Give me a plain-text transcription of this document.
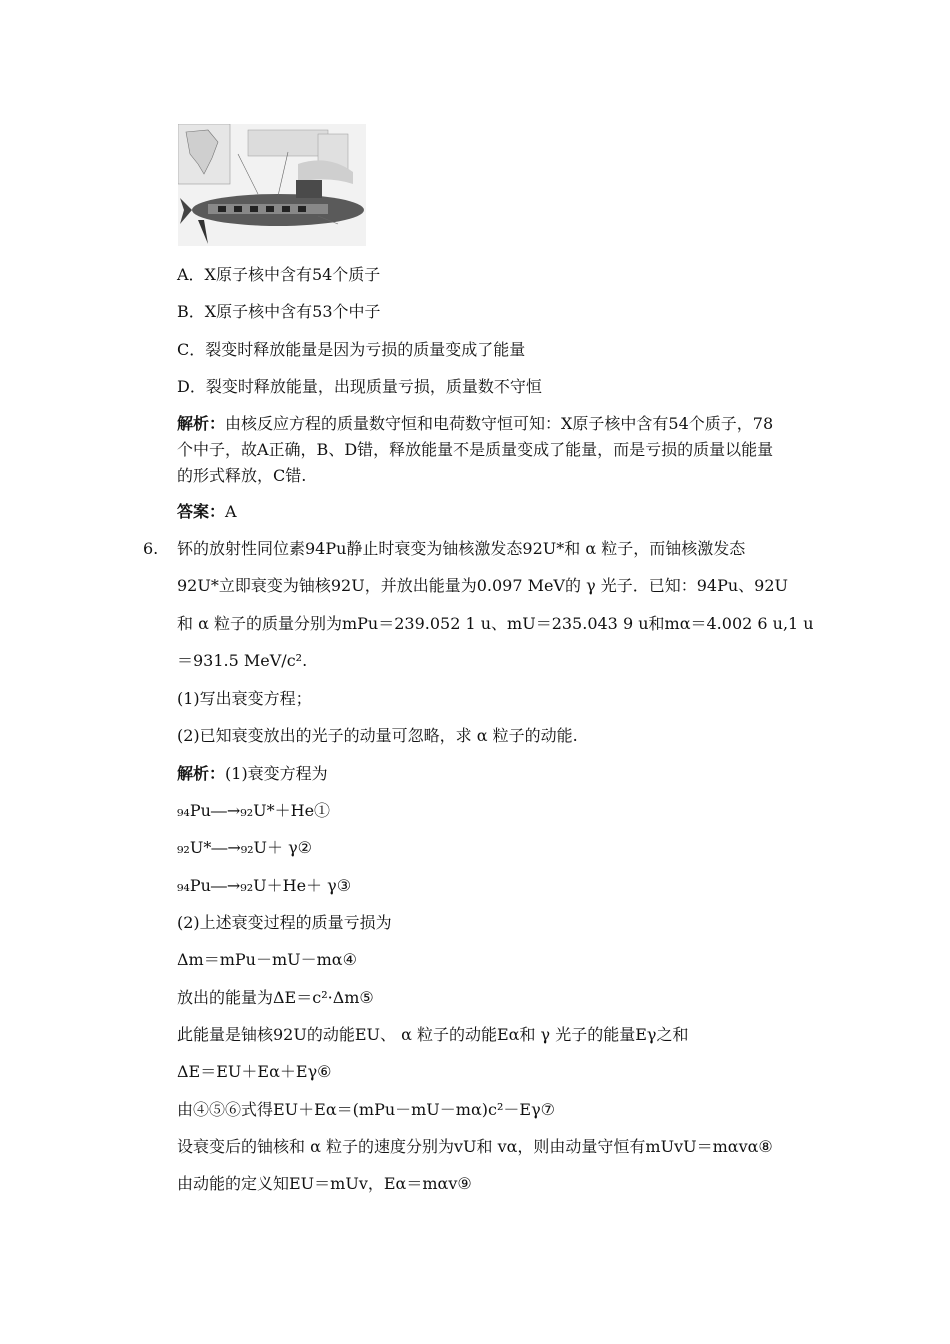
A．X原子核中含有54个质子
B．X原子核中含有53个中子
C．裂变时释放能量是因为亏损的质量变成了能量
D．裂变时释放能量，出现质量亏损，质量数不守恒
解析：由核反应方程的质量数守恒和电荷数守恒可知：X原子核中含有54个质子，78
个中子，故A正确，B、D错，释放能量不是质量变成了能量，而是亏损的质量以能量
的形式释放，C错.
答案：A
6. 钚的放射性同位素94Pu静止时衰变为铀核激发态92U*和 α 粒子，而铀核激发态
92U*立即衰变为铀核92U，并放出能量为0.097 MeV的 γ 光子．已知：94Pu、92U
和 α 粒子的质量分别为mPu＝239.052 1 u、mU＝235.043 9 u和mα＝4.002 6 u,1 u
＝931.5 MeV/c².
(1)写出衰变方程；
(2)已知衰变放出的光子的动量可忽略，求 α 粒子的动能.
解析：(1)衰变方程为
₉₄Pu―→₉₂U*＋He①
₉₂U*―→₉₂U＋ γ②
₉₄Pu―→₉₂U＋He＋ γ③
(2)上述衰变过程的质量亏损为
Δm＝mPu－mU－mα④
放出的能量为ΔE＝c²·Δm⑤
此能量是铀核92U的动能EU、 α 粒子的动能Eα和 γ 光子的能量Eγ之和
ΔE＝EU＋Eα＋Eγ⑥
由④⑤⑥式得EU＋Eα＝(mPu－mU－mα)c²－Eγ⑦
设衰变后的铀核和 α 粒子的速度分别为vU和 vα，则由动量守恒有mUvU＝mαvα⑧
由动能的定义知EU＝mUv，Eα＝mαv⑨
